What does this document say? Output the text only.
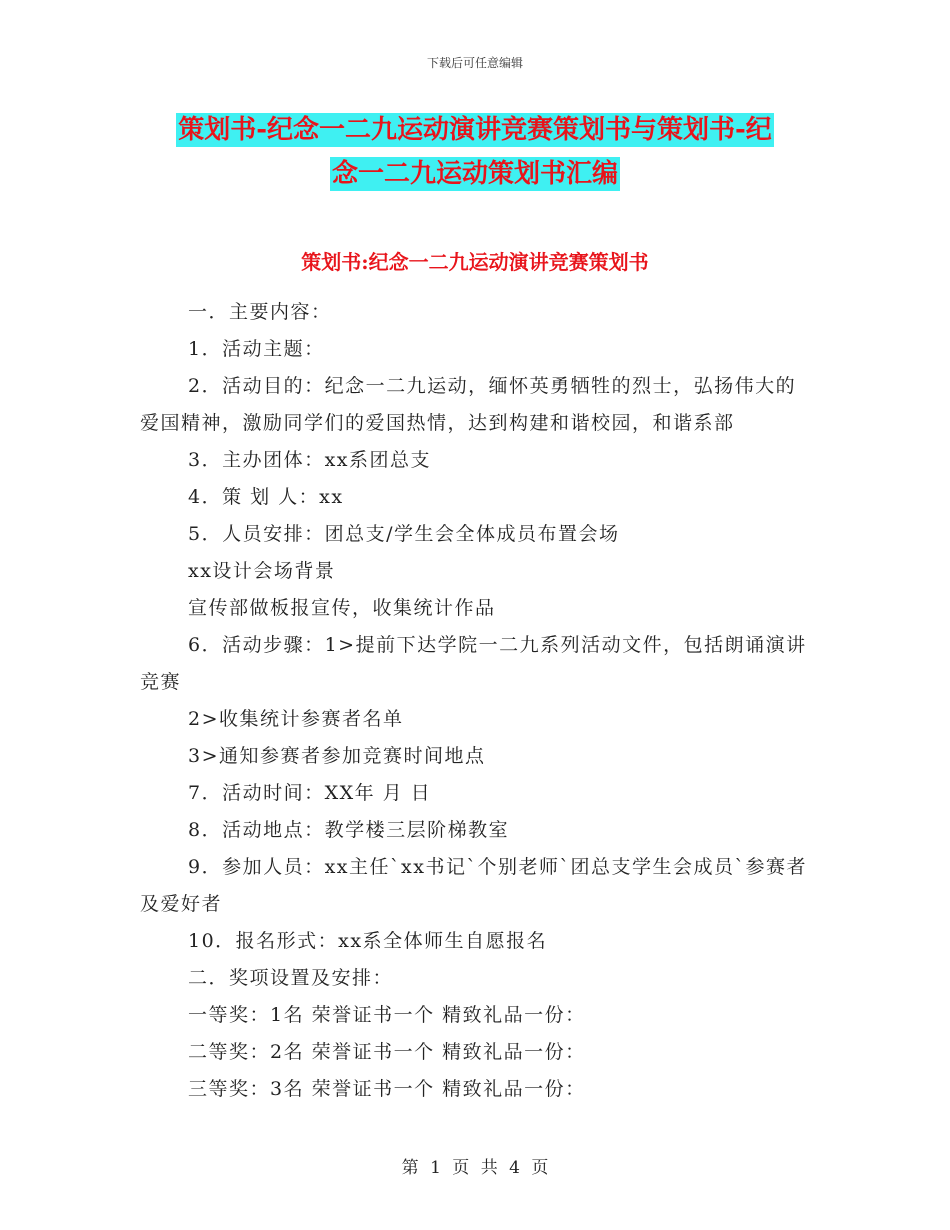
下载后可任意编辑
策划书-纪念一二九运动演讲竞赛策划书与策划书-纪
念一二九运动策划书汇编
策划书:纪念一二九运动演讲竞赛策划书

一．主要内容：

1．活动主题：

2．活动目的：纪念一二九运动，缅怀英勇牺牲的烈士，弘扬伟大的爱国精神，激励同学们的爱国热情，达到构建和谐校园，和谐系部

3．主办团体：xx系团总支

4．策 划 人：xx

5．人员安排：团总支/学生会全体成员布置会场

xx设计会场背景

宣传部做板报宣传，收集统计作品

6．活动步骤：1>提前下达学院一二九系列活动文件，包括朗诵演讲竞赛

2>收集统计参赛者名单

3>通知参赛者参加竞赛时间地点

7．活动时间：XX年 月 日

8．活动地点：教学楼三层阶梯教室

9．参加人员：xx主任`xx书记`个别老师`团总支学生会成员`参赛者及爱好者

10．报名形式：xx系全体师生自愿报名

二．奖项设置及安排：

一等奖：1名 荣誉证书一个 精致礼品一份：

二等奖：2名 荣誉证书一个 精致礼品一份：

三等奖：3名 荣誉证书一个 精致礼品一份：

第 1 页 共 4 页
